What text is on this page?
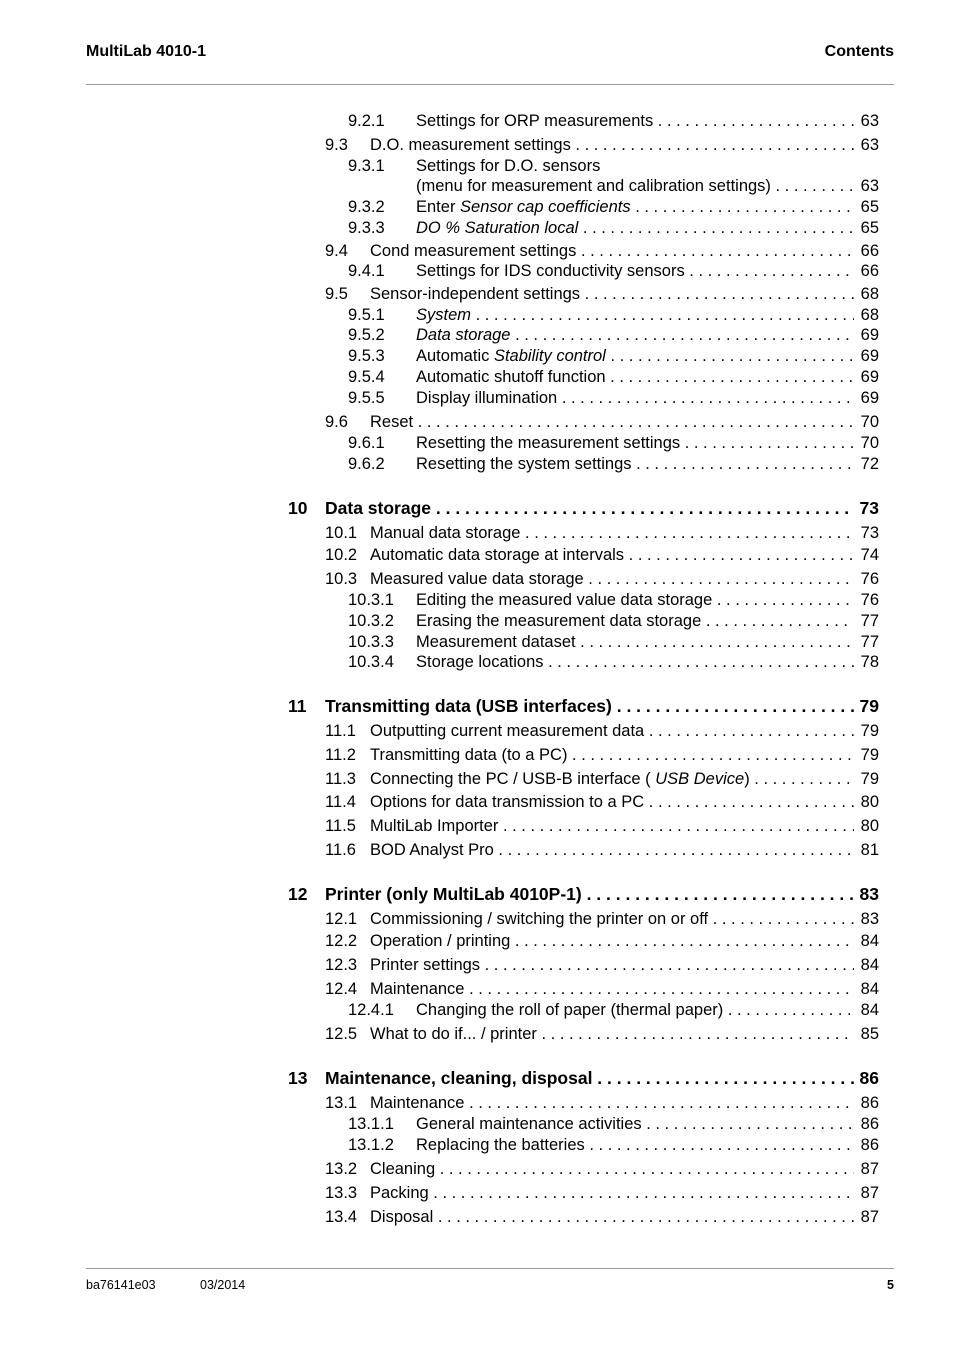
MultiLab 4010-1	Contents
9.2.1 Settings for ORP measurements . . .	63
9.3 D.O. measurement settings . . .	63
9.3.1 Settings for D.O. sensors
(menu for measurement and calibration settings) . . .	63
9.3.2 Enter Sensor cap coefficients . . .	65
9.3.3 DO % Saturation local . . .	65
9.4 Cond measurement settings . . .	66
9.4.1 Settings for IDS conductivity sensors . . .	66
9.5 Sensor-independent settings . . .	68
9.5.1 System . . .	68
9.5.2 Data storage . . .	69
9.5.3 Automatic Stability control . . .	69
9.5.4 Automatic shutoff function . . .	69
9.5.5 Display illumination . . .	69
9.6 Reset . . .	70
9.6.1 Resetting the measurement settings . . .	70
9.6.2 Resetting the system settings . . .	72
10 Data storage . . .	73
10.1 Manual data storage . . .	73
10.2 Automatic data storage at intervals . . .	74
10.3 Measured value data storage . . .	76
10.3.1 Editing the measured value data storage . . .	76
10.3.2 Erasing the measurement data storage . . .	77
10.3.3 Measurement dataset . . .	77
10.3.4 Storage locations . . .	78
11 Transmitting data (USB interfaces) . . .	79
11.1 Outputting current measurement data . . .	79
11.2 Transmitting data (to a PC) . . .	79
11.3 Connecting the PC / USB-B interface ( USB Device) . . .	79
11.4 Options for data transmission to a PC . . .	80
11.5 MultiLab Importer . . .	80
11.6 BOD Analyst Pro . . .	81
12 Printer (only MultiLab 4010P-1) . . .	83
12.1 Commissioning / switching the printer on or off . . .	83
12.2 Operation / printing . . .	84
12.3 Printer settings . . .	84
12.4 Maintenance . . .	84
12.4.1 Changing the roll of paper (thermal paper) . . .	84
12.5 What to do if... / printer . . .	85
13 Maintenance, cleaning, disposal . . .	86
13.1 Maintenance . . .	86
13.1.1 General maintenance activities . . .	86
13.1.2 Replacing the batteries . . .	86
13.2 Cleaning . . .	87
13.3 Packing . . .	87
13.4 Disposal . . .	87
ba76141e03	03/2014	5
